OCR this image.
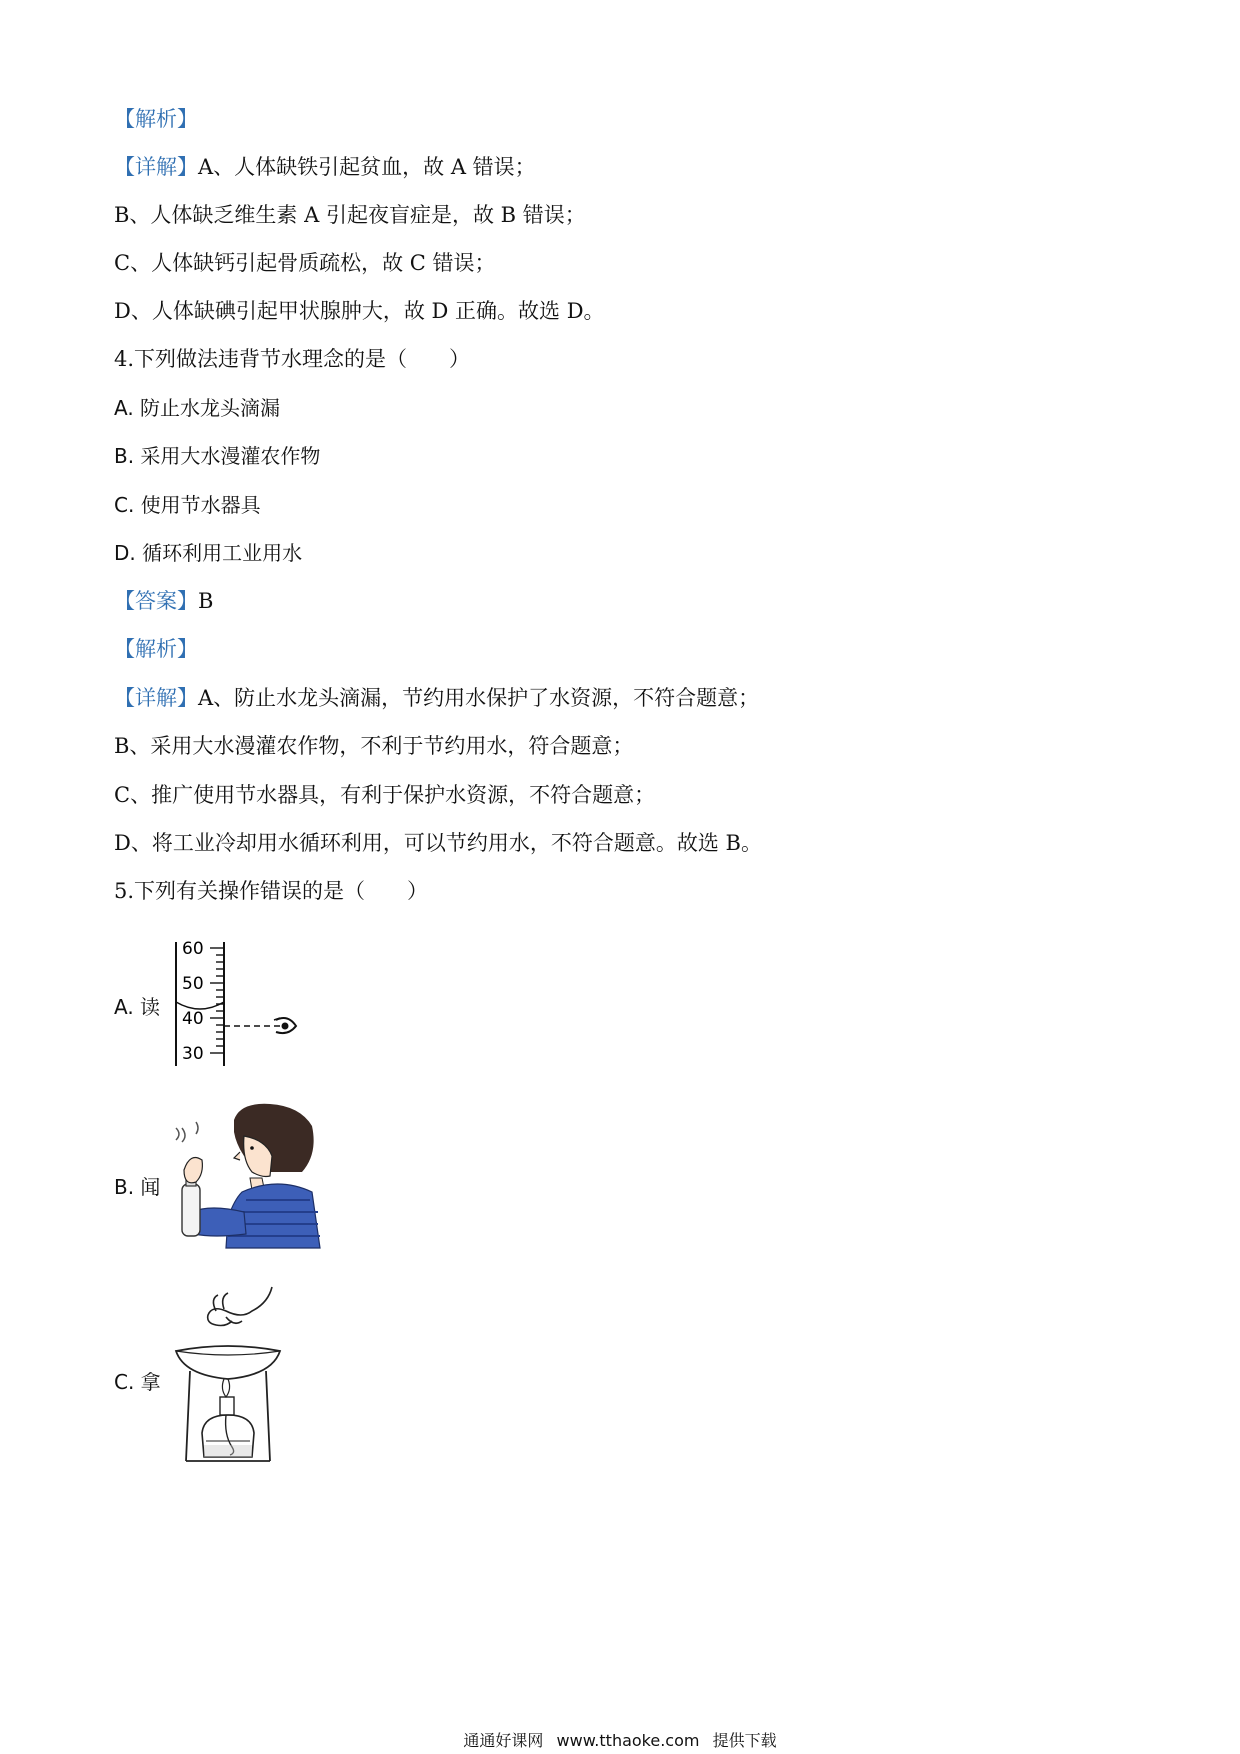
【解析】
【详解】A、人体缺铁引起贫血，故 A 错误；
B、人体缺乏维生素 A 引起夜盲症是，故 B 错误；
C、人体缺钙引起骨质疏松，故 C 错误；
D、人体缺碘引起甲状腺肿大，故 D 正确。故选 D。
4.下列做法违背节水理念的是（　　）
A. 防止水龙头滴漏
B. 采用大水漫灌农作物
C. 使用节水器具
D. 循环利用工业用水
【答案】B
【解析】
【详解】A、防止水龙头滴漏，节约用水保护了水资源，不符合题意；
B、采用大水漫灌农作物，不利于节约用水，符合题意；
C、推广使用节水器具，有利于保护水资源，不符合题意；
D、将工业冷却用水循环利用，可以节约用水，不符合题意。故选 B。
5.下列有关操作错误的是（　　）
A. 读
60
50
40
30
B. 闻
C. 拿
通通好课网 www.tthaoke.com 提供下载
